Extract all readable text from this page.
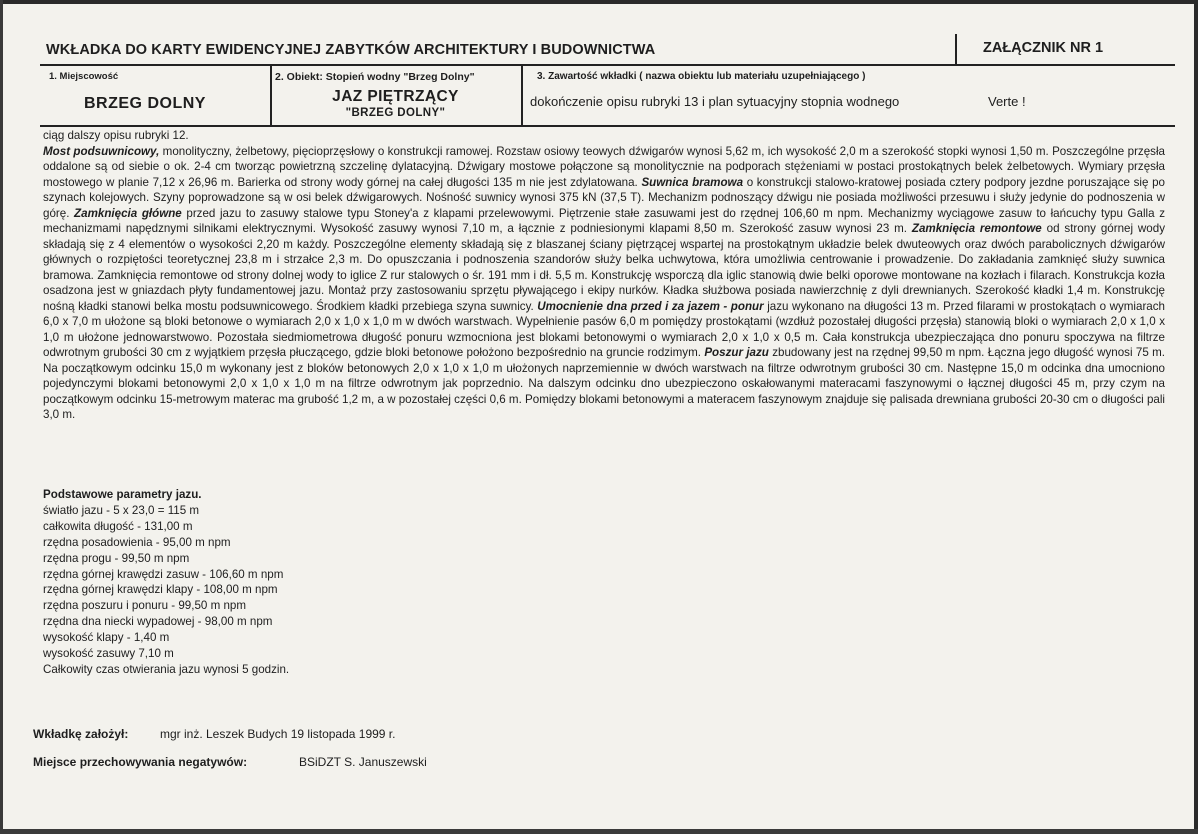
WKŁADKA DO KARTY EWIDENCYJNEJ ZABYTKÓW ARCHITEKTURY I BUDOWNICTWA	ZAŁĄCZNIK NR 1
1. Miejscowość
BRZEG DOLNY
2. Obiekt: Stopień wodny "Brzeg Dolny"
JAZ PIĘTRZĄCY
"BRZEG DOLNY"
3. Zawartość wkładki ( nazwa obiektu lub materiału uzupełniającego )
dokończenie opisu rubryki 13 i plan sytuacyjny stopnia wodnego	Verte !
ciąg dalszy opisu rubryki 12.
Most podsuwnicowy, monolityczny, żelbetowy, pięcioprzęsłowy o konstrukcji ramowej. Rozstaw osiowy teowych dźwigarów wynosi 5,62 m, ich wysokość 2,0 m a szerokość stopki wynosi 1,50 m. Poszczególne przęsła oddalone są od siebie o ok. 2-4 cm tworząc powietrzną szczelinę dylatacyjną. Dźwigary mostowe połączone są monolitycznie na podporach stężeniami w postaci prostokątnych belek żelbetowych. Wymiary przęsła mostowego w planie 7,12 x 26,96 m. Barierka od strony wody górnej na całej długości 135 m nie jest zdylatowana. Suwnica bramowa o konstrukcji stalowo-kratowej posiada cztery podpory jezdne poruszające się po szynach kolejowych. Szyny poprowadzone są w osi belek dźwigarowych. Nośność suwnicy wynosi 375 kN (37,5 T). Mechanizm podnoszący dźwigu nie posiada możliwości przesuwu i służy jedynie do podnoszenia w górę. Zamknięcia główne przed jazu to zasuwy stalowe typu Stoney'a z klapami przelewowymi. Piętrzenie stałe zasuwami jest do rzędnej 106,60 m npm. Mechanizmy wyciągowe zasuw to łańcuchy typu Galla z mechanizmami napędznymi silnikami elektrycznymi. Wysokość zasuwy wynosi 7,10 m, a łącznie z podniesionymi klapami 8,50 m. Szerokość zasuw wynosi 23 m. Zamknięcia remontowe od strony górnej wody składają się z 4 elementów o wysokości 2,20 m każdy. Poszczególne elementy składają się z blaszanej ściany piętrzącej wspartej na prostokątnym układzie belek dwuteowych oraz dwóch parabolicznych dźwigarów głównych o rozpiętości teoretycznej 23,8 m i strzałce 2,3 m. Do opuszczania i podnoszenia szandorów służy belka uchwytowa, która umożliwia centrowanie i prowadzenie. Do zakładania zamknięć służy suwnica bramowa. Zamknięcia remontowe od strony dolnej wody to iglice Z rur stalowych o śr. 191 mm i dł. 5,5 m. Konstrukcję wsporczą dla iglic stanowią dwie belki oporowe montowane na kozłach i filarach. Konstrukcja kozła osadzona jest w gniazdach płyty fundamentowej jazu. Montaż przy zastosowaniu sprzętu pływającego i ekipy nurków. Kładka służbowa posiada nawierzchnię z dyli drewnianych. Szerokość kładki 1,4 m. Konstrukcję nośną kładki stanowi belka mostu podsuwnicowego. Środkiem kładki przebiega szyna suwnicy. Umocnienie dna przed i za jazem - ponur jazu wykonano na długości 13 m. Przed filarami w prostokątach o wymiarach 6,0 x 7,0 m ułożone są bloki betonowe o wymiarach 2,0 x 1,0 x 1,0 m w dwóch warstwach. Wypełnienie pasów 6,0 m pomiędzy prostokątami (wzdłuż pozostałej długości przęsła) stanowią bloki o wymiarach 2,0 x 1,0 x 1,0 m ułożone jednowarstwowo. Pozostała siedmiometrowa długość ponuru wzmocniona jest blokami betonowymi o wymiarach 2,0 x 1,0 x 0,5 m. Cała konstrukcja ubezpieczająca dno ponuru spoczywa na filtrze odwrotnym grubości 30 cm z wyjątkiem przęsła płuczącego, gdzie bloki betonowe położono bezpośrednio na gruncie rodzimym. Poszur jazu zbudowany jest na rzędnej 99,50 m npm. Łączna jego długość wynosi 75 m. Na początkowym odcinku 15,0 m wykonany jest z bloków betonowych 2,0 x 1,0 x 1,0 m ułożonych naprzemiennie w dwóch warstwach na filtrze odwrotnym grubości 30 cm. Następne 15,0 m odcinka dna umocniono pojedynczymi blokami betonowymi 2,0 x 1,0 x 1,0 m na filtrze odwrotnym jak poprzednio. Na dalszym odcinku dno ubezpieczono oskałowanymi materacami faszynowymi o łącznej długości 45 m, przy czym na początkowym odcinku 15-metrowym materac ma grubość 1,2 m, a w pozostałej części 0,6 m. Pomiędzy blokami betonowymi a materacem faszynowym znajduje się palisada drewniana grubości 20-30 cm o długości pali 3,0 m.
Podstawowe parametry jazu.
światło jazu - 5 x 23,0 = 115 m
całkowita długość - 131,00 m
rzędna posadowienia - 95,00 m npm
rzędna progu - 99,50 m npm
rzędna górnej krawędzi zasuw - 106,60 m npm
rzędna górnej krawędzi klapy - 108,00 m npm
rzędna poszuru i ponuru - 99,50 m npm
rzędna dna niecki wypadowej - 98,00 m npm
wysokość klapy - 1,40 m
wysokość zasuwy 7,10 m
Całkowity czas otwierania jazu wynosi 5 godzin.
Wkładkę założył:	mgr inż. Leszek Budych 19 listopada 1999 r.
Miejsce przechowywania negatywów:	BSiDZT S. Januszewski
